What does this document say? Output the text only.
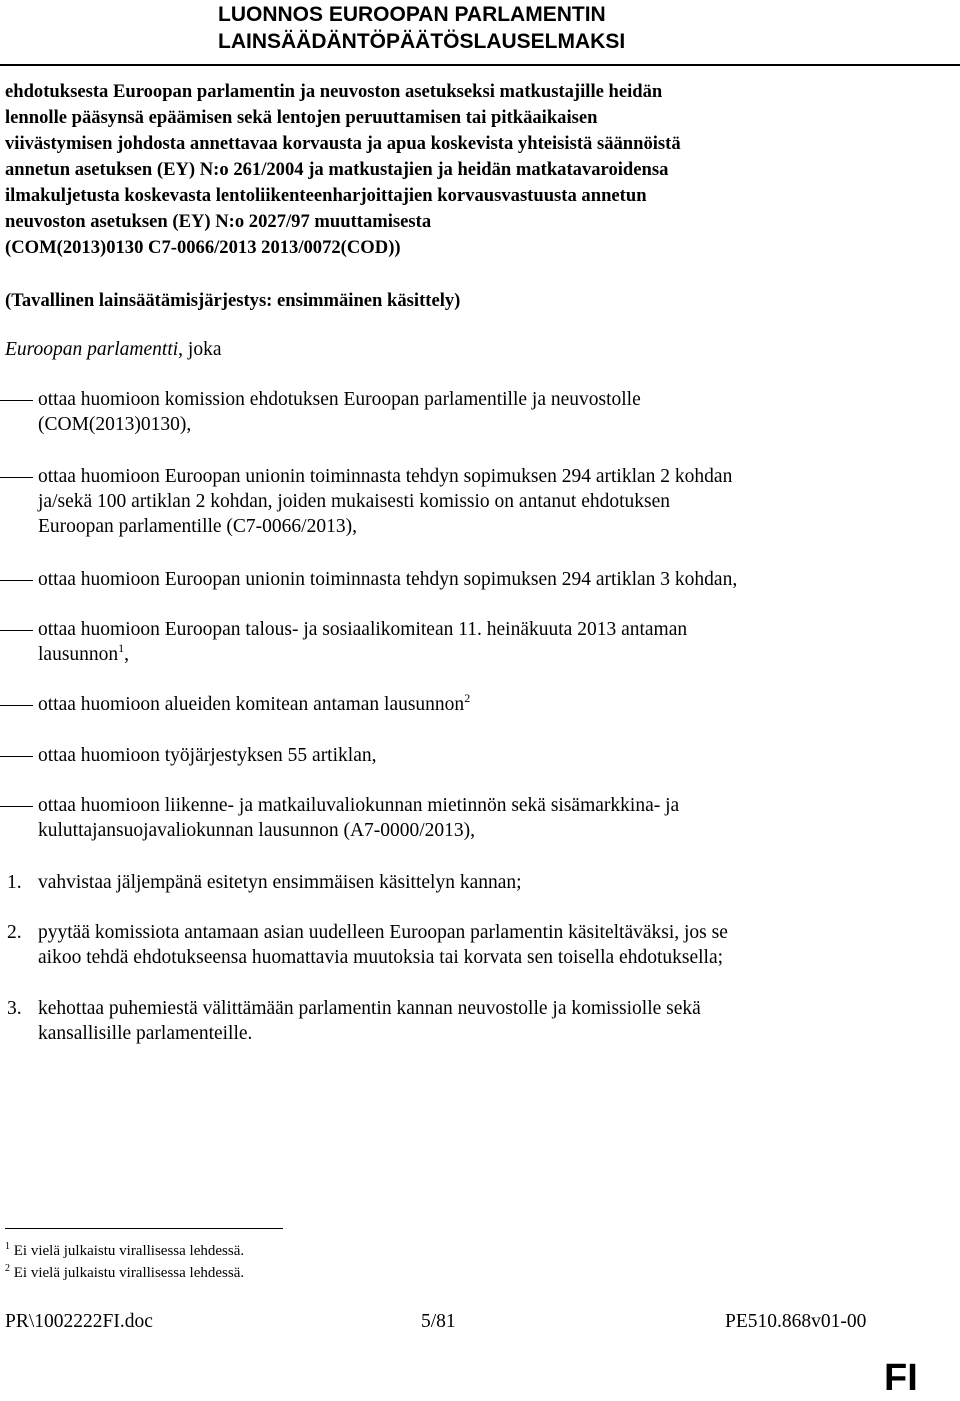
LUONNOS EUROOPAN PARLAMENTIN
LAINSÄÄDÄNTÖPÄÄTÖSLAUSELMAKSI
ehdotuksesta Euroopan parlamentin ja neuvoston asetukseksi matkustajille heidän
lennolle pääsynsä epäämisen sekä lentojen peruuttamisen tai pitkäaikaisen
viivästymisen johdosta annettavaa korvausta ja apua koskevista yhteisistä säännöistä
annetun asetuksen (EY) N:o 261/2004 ja matkustajien ja heidän matkatavaroidensa
ilmakuljetusta koskevasta lentoliikenteenharjoittajien korvausvastuusta annetun
neuvoston asetuksen (EY) N:o 2027/97 muuttamisesta
(COM(2013)0130 C7-0066/2013 2013/0072(COD))
(Tavallinen lainsäätämisjärjestys: ensimmäinen käsittely)
Euroopan parlamentti, joka
ottaa huomioon komission ehdotuksen Euroopan parlamentille ja neuvostolle
(COM(2013)0130),
ottaa huomioon Euroopan unionin toiminnasta tehdyn sopimuksen 294 artiklan 2 kohdan
ja/sekä 100 artiklan 2 kohdan, joiden mukaisesti komissio on antanut ehdotuksen
Euroopan parlamentille (C7-0066/2013),
ottaa huomioon Euroopan unionin toiminnasta tehdyn sopimuksen 294 artiklan 3 kohdan,
ottaa huomioon Euroopan talous- ja sosiaalikomitean 11. heinäkuuta 2013 antaman
lausunnon$^1$,
ottaa huomioon alueiden komitean antaman lausunnon$^2$
ottaa huomioon työjärjestyksen 55 artiklan,
ottaa huomioon liikenne- ja matkailuvaliokunnan mietinnön sekä sisämarkkina- ja
kuluttajansuojavaliokunnan lausunnon (A7-0000/2013),
1. vahvistaa jäljempänä esitetyn ensimmäisen käsittelyn kannan;
2. pyytää komissiota antamaan asian uudelleen Euroopan parlamentin käsiteltäväksi, jos se
aikoo tehdä ehdotukseensa huomattavia muutoksia tai korvata sen toisella ehdotuksella;
3. kehottaa puhemiestä välittämään parlamentin kannan neuvostolle ja komissiolle sekä
kansallisille parlamenteille.
$^1$ Ei vielä julkaistu virallisessa lehdessä.
$^2$ Ei vielä julkaistu virallisessa lehdessä.
PR\1002222FI.doc	5/81	PE510.868v01-00
FI
